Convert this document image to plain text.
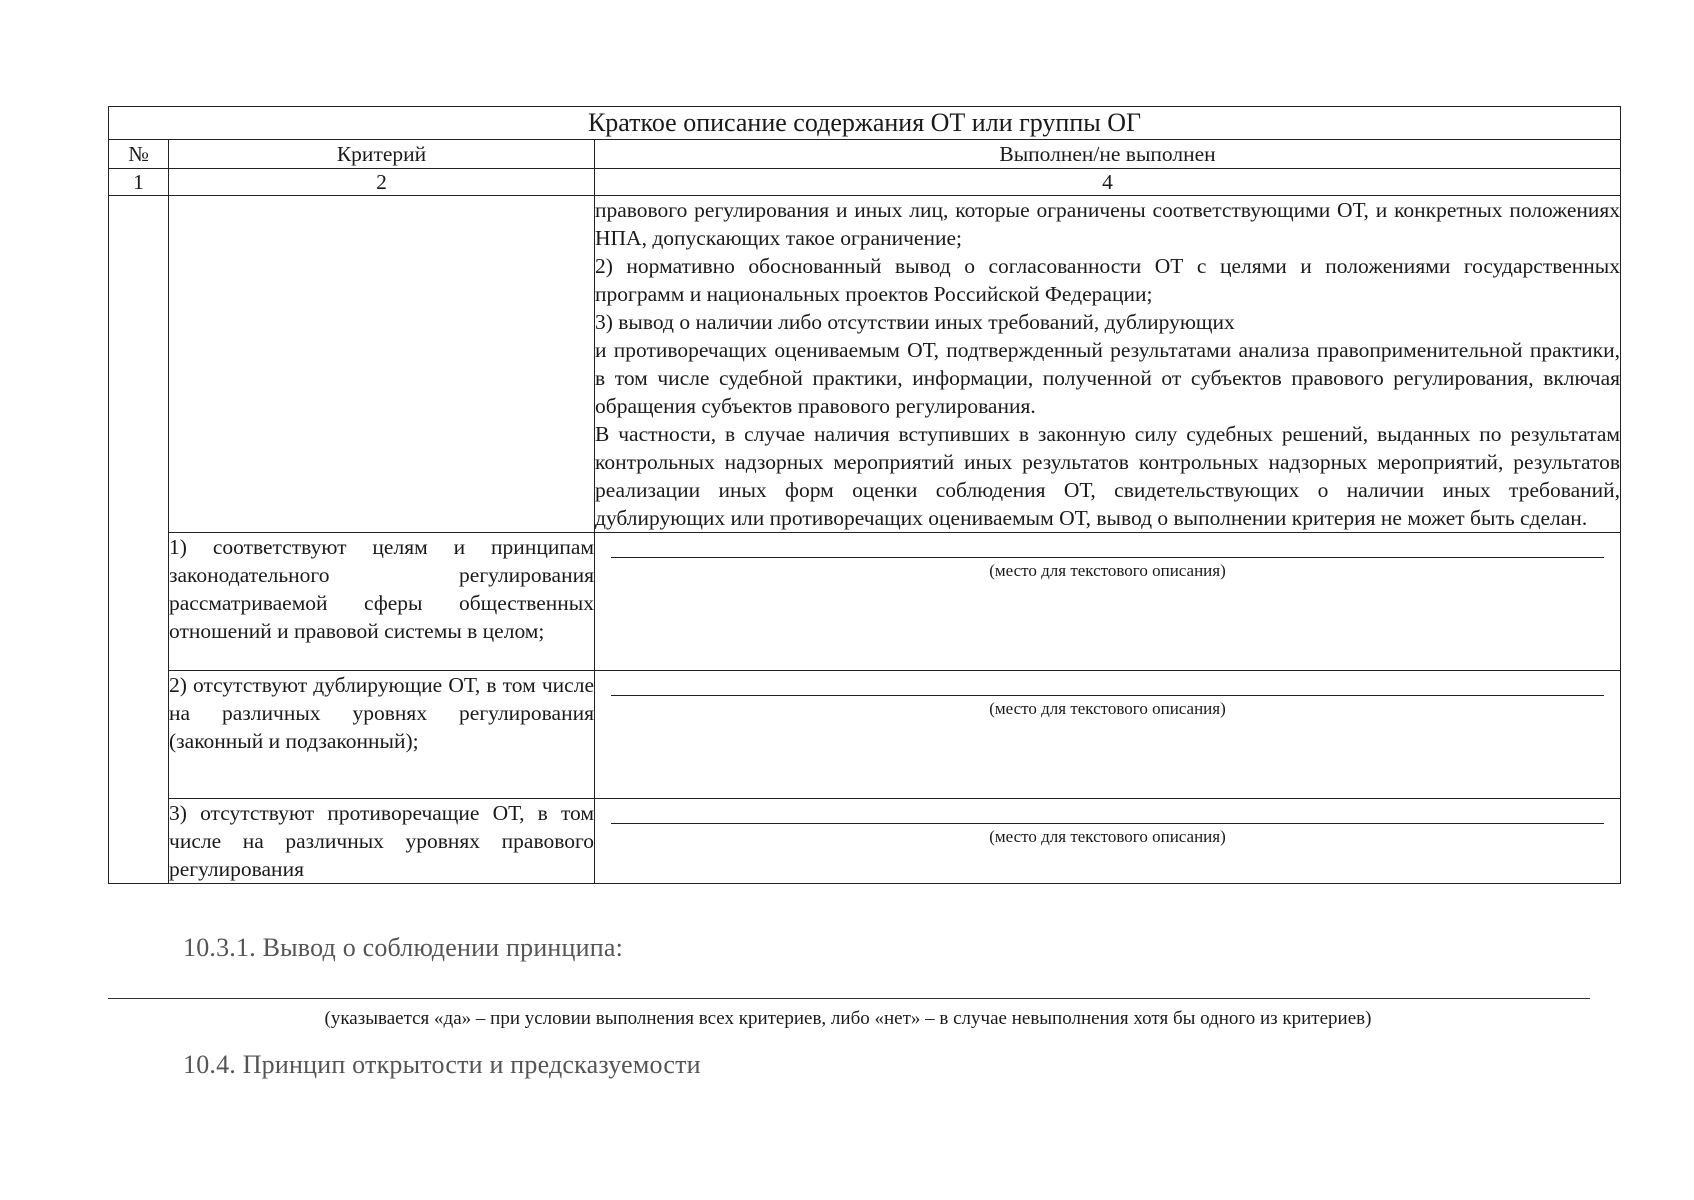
Краткое описание содержания ОТ или группы ОГ		
№	Критерий	Выполнен/не выполнен
1	2	4

		правового регулирования и иных лиц, которые ограничены соответствующими ОТ, и конкретных положениях НПА, допускающих такое ограничение;

2) нормативно обоснованный вывод о согласованности ОТ с целями и положениями государственных программ и национальных проектов Российской Федерации;

3) вывод о наличии либо отсутствии иных требований, дублирующих

и противоречащих оцениваемым ОТ, подтвержденный результатами анализа правоприменительной практики, в том числе судебной практики, информации, полученной от субъектов правового регулирования, включая обращения субъектов правового регулирования.

В частности, в случае наличия вступивших в законную силу судебных решений, выданных по результатам контрольных надзорных мероприятий иных результатов контрольных надзорных мероприятий, результатов реализации иных форм оценки соблюдения ОТ, свидетельствующих о наличии иных требований, дублирующих или противоречащих оцениваемым ОТ, вывод о выполнении критерия не может быть сделан.

	1) соответствуют целям и принципам законодательного регулирования рассматриваемой сферы общественных отношений и правовой системы в целом;	(место для текстового описания)

	2) отсутствуют дублирующие ОТ, в том числе на различных уровнях регулирования (законный и подзаконный);	(место для текстового описания)

	3) отсутствуют противоречащие ОТ, в том числе на различных уровнях правового регулирования	(место для текстового описания)
10.3.1. Вывод о соблюдении принципа:
(указывается «да» – при условии выполнения всех критериев, либо «нет» – в случае невыполнения хотя бы одного из критериев)
10.4. Принцип открытости и предсказуемости
